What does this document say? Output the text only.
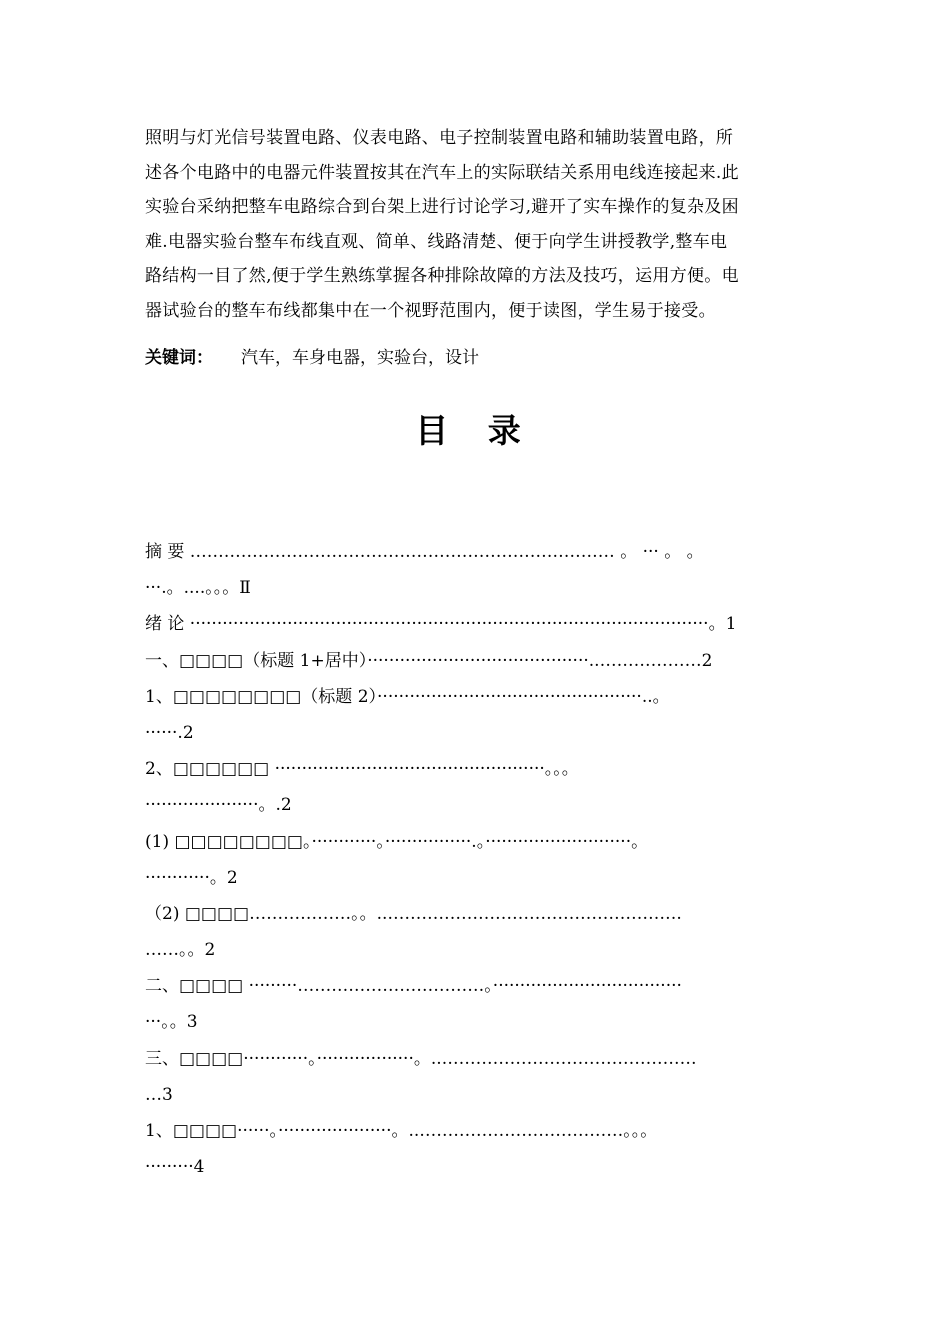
照明与灯光信号装置电路、仪表电路、电子控制装置电路和辅助装置电路，所
述各个电路中的电器元件装置按其在汽车上的实际联结关系用电线连接起来.此
实验台采纳把整车电路综合到台架上进行讨论学习,避开了实车操作的复杂及困
难.电器实验台整车布线直观、简单、线路清楚、便于向学生讲授教学,整车电
路结构一目了然,便于学生熟练掌握各种排除故障的方法及技巧，运用方便。电
器试验台的整车布线都集中在一个视野范围内，便于读图，学生易于接受。
关键词： 汽车，车身电器，实验台，设计
目 录
摘 要 ………………………………………………………………… 。 ··· 。 。
···.。....。。。Ⅱ
绪 论 ································································································。1
一、□□□□（标题 1+居中）·········································..………………2
1、□□□□□□□□（标题 2）·················································..。
······.2
2、□□□□□□ ··················································。。。
·····················。.2
(1) □□□□□□□□。············。················.。···························。
············。2
（2) □□□□………………。。..…………………………………………….
……。。2
二、□□□□ ·········……………………………。···································
···。。3
三、□□□□············。··················。..………………………………………
…3
1、□□□□······。·····················。..………………………………。。。
·········4
